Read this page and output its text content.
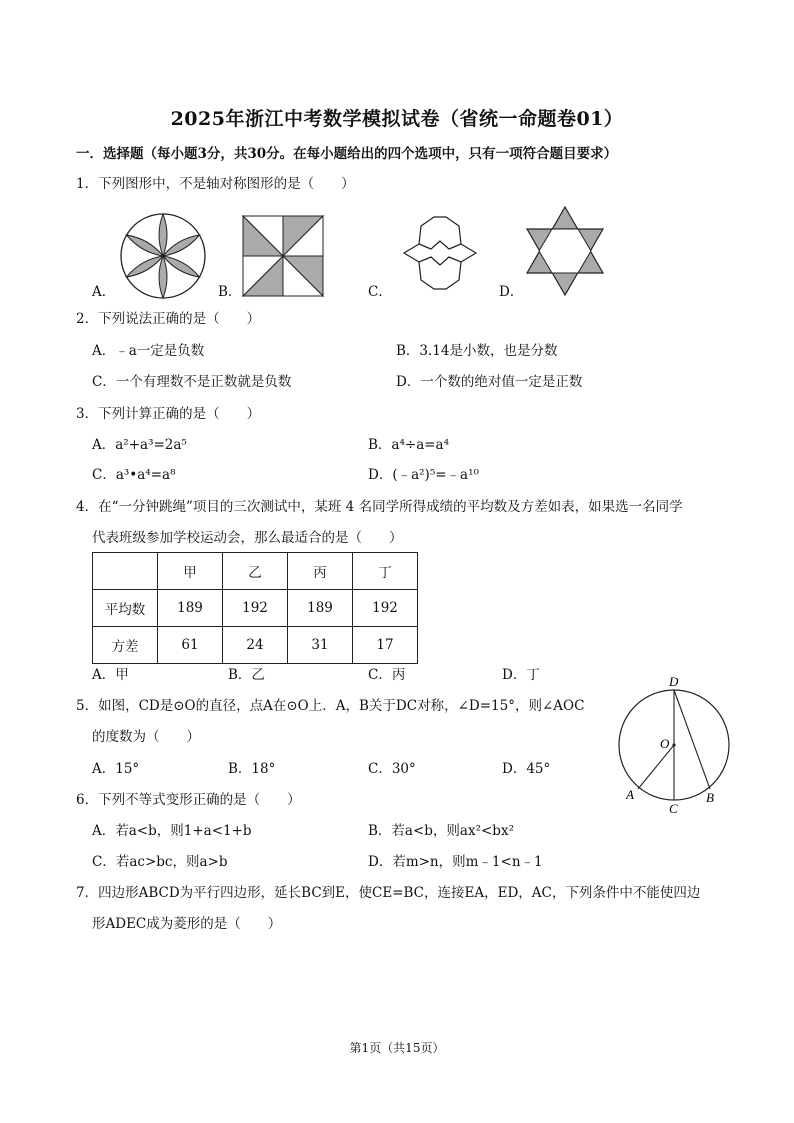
2025年浙江中考数学模拟试卷（省统一命题卷01）
一．选择题（每小题3分，共30分。在每小题给出的四个选项中，只有一项符合题目要求）
1．下列图形中，不是轴对称图形的是（　　）
A．	B．	C．	D．
2．下列说法正确的是（　　）
A．﹣a一定是负数	B．3.14是小数，也是分数
C．一个有理数不是正数就是负数	D．一个数的绝对值一定是正数
3．下列计算正确的是（　　）
A．a²+a³=2a⁵	B．a⁴÷a=a⁴
C．a³•a⁴=a⁸	D．(﹣a²)⁵=﹣a¹⁰
4．在“一分钟跳绳”项目的三次测试中，某班 4 名同学所得成绩的平均数及方差如表，如果选一名同学
代表班级参加学校运动会，那么最适合的是（　　）
	甲	乙	丙	丁
平均数	189	192	189	192
方差	61	24	31	17
A．甲	B．乙	C．丙	D．丁
5．如图，CD是⊙O的直径，点A在⊙O上．A，B关于DC对称，∠D=15°，则∠AOC
的度数为（　　）
A．15°	B．18°	C．30°	D．45°
D
O
A
C
B
6．下列不等式变形正确的是（　　）
A．若a<b，则1+a<1+b	B．若a<b，则ax²<bx²
C．若ac>bc，则a>b	D．若m>n，则m﹣1<n﹣1
7．四边形ABCD为平行四边形，延长BC到E，使CE=BC，连接EA，ED，AC，下列条件中不能使四边
形ADEC成为菱形的是（　　）
第1页（共15页）
